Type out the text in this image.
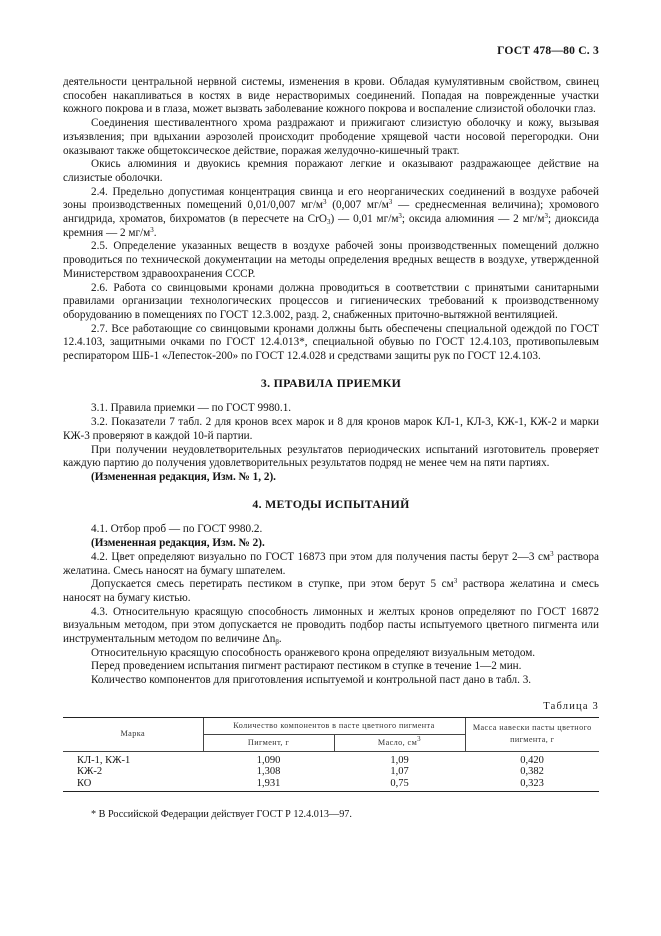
ГОСТ 478—80 С. 3

деятельности центральной нервной системы, изменения в крови. Обладая кумулятивным свойством, свинец способен накапливаться в костях в виде нерастворимых соединений. Попадая на поврежденные участки кожного покрова и в глаза, может вызвать заболевание кожного покрова и воспаление слизистой оболочки глаз.

Соединения шестивалентного хрома раздражают и прижигают слизистую оболочку и кожу, вызывая изъязвления; при вдыхании аэрозолей происходит прободение хрящевой части носовой перегородки. Они оказывают также общетоксическое действие, поражая желудочно-кишечный тракт.

Окись алюминия и двуокись кремния поражают легкие и оказывают раздражающее действие на слизистые оболочки.

2.4. Предельно допустимая концентрация свинца и его неорганических соединений в воздухе рабочей зоны производственных помещений 0,01/0,007 $мг/м^3$ (0,007 $мг/м^3$ — среднесменная величина); хромового ангидрида, хроматов, бихроматов (в пересчете на CrO$_3$) — 0,01 $мг/м^3$; оксида алюминия — 2 $мг/м^3$; диоксида кремния — 2 $мг/м^3$.

2.5. Определение указанных веществ в воздухе рабочей зоны производственных помещений должно проводиться по технической документации на методы определения вредных веществ в воздухе, утвержденной Министерством здравоохранения СССР.

2.6. Работа со свинцовыми кронами должна проводиться в соответствии с принятыми санитарными правилами организации технологических процессов и гигиенических требований к производственному оборудованию в помещениях по ГОСТ 12.3.002, разд. 2, снабженных приточно-вытяжной вентиляцией.

2.7. Все работающие со свинцовыми кронами должны быть обеспечены специальной одеждой по ГОСТ 12.4.103, защитными очками по ГОСТ 12.4.013*, специальной обувью по ГОСТ 12.4.103, противопылевым респиратором ШБ-1 «Лепесток-200» по ГОСТ 12.4.028 и средствами защиты рук по ГОСТ 12.4.103.

3. ПРАВИЛА ПРИЕМКИ

3.1. Правила приемки — по ГОСТ 9980.1.

3.2. Показатели 7 табл. 2 для кронов всех марок и 8 для кронов марок КЛ-1, КЛ-3, КЖ-1, КЖ-2 и марки КЖ-3 проверяют в каждой 10-й партии.

При получении неудовлетворительных результатов периодических испытаний изготовитель проверяет каждую партию до получения удовлетворительных результатов подряд не менее чем на пяти партиях.

(Измененная редакция, Изм. № 1, 2).

4. МЕТОДЫ ИСПЫТАНИЙ

4.1. Отбор проб — по ГОСТ 9980.2.

(Измененная редакция, Изм. № 2).

4.2. Цвет определяют визуально по ГОСТ 16873 при этом для получения пасты берут 2—3 $см^3$ раствора желатина. Смесь наносят на бумагу шпателем.

Допускается смесь перетирать пестиком в ступке, при этом берут 5 $см^3$ раствора желатина и смесь наносят на бумагу кистью.

4.3. Относительную красящую способность лимонных и желтых кронов определяют по ГОСТ 16872 визуальным методом, при этом допускается не проводить подбор пасты испытуемого цветного пигмента или инструментальным методом по величине $\Delta n_\beta$.

Относительную красящую способность оранжевого крона определяют визуальным методом.

Перед проведением испытания пигмент растирают пестиком в ступке в течение 1—2 мин.

Количество компонентов для приготовления испытуемой и контрольной паст дано в табл. 3.

Таблица 3
Марка	Количество компонентов в пасте цветного пигмента		Масса навески пасты цветного пигмента, г
	Пигмент, г	Масло, $см^3$
КЛ-1, КЖ-1	1,090	1,09	0,420
КЖ-2	1,308	1,07	0,382
КО	1,931	0,75	0,323
* В Российской Федерации действует ГОСТ Р 12.4.013—97.
